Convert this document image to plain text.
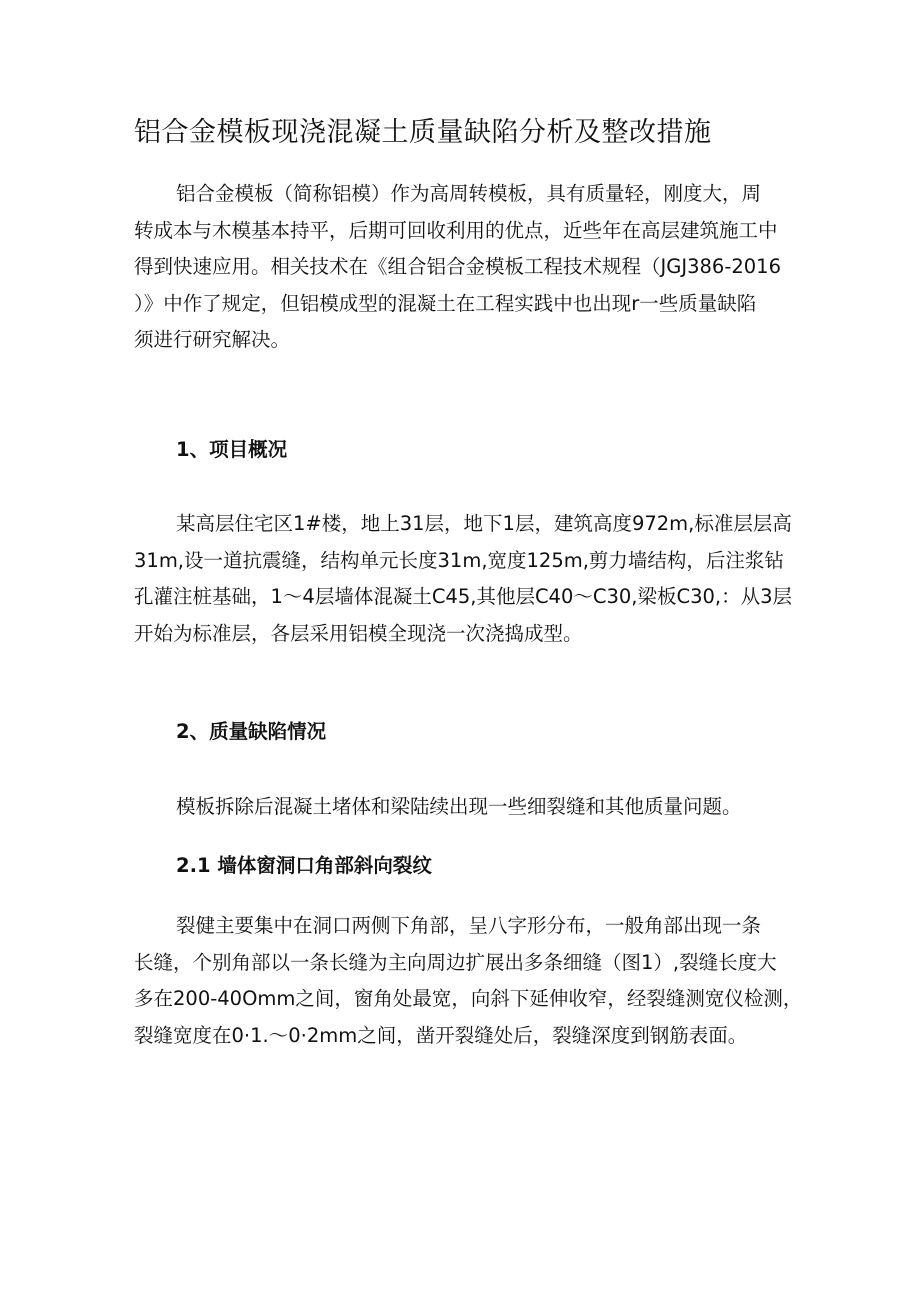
铝合金模板现浇混凝土质量缺陷分析及整改措施
铝合金模板（简称铝模）作为高周转模板，具有质量轻，刚度大，周
转成本与木模基本持平，后期可回收利用的优点，近些年在高层建筑施工中
得到快速应用。相关技术在《组合铝合金模板工程技术规程（JGJ386-2016
）》中作了规定，但铝模成型的混凝土在工程实践中也出现r一些质量缺陷
须进行研究解决。
1、项目概况
某高层住宅区1#楼，地上31层，地下1层，建筑高度972m,标准层层高
31m,设一道抗震缝，结构单元长度31m,宽度125m,剪力墙结构，后注浆钻
孔灌注桩基础，1～4层墙体混凝土C45,其他层C40～C30,梁板C30,：从3层
开始为标准层，各层采用铝模全现浇一次浇捣成型。
2、质量缺陷情况
模板拆除后混凝土堵体和梁陆续出现一些细裂缝和其他质量问题。
2.1 墙体窗洞口角部斜向裂纹
裂健主要集中在洞口两侧下角部，呈八字形分布，一般角部出现一条
长缝，个别角部以一条长缝为主向周边扩展出多条细缝（图1）,裂缝长度大
多在200-40Omm之间，窗角处最宽，向斜下延伸收窄，经裂缝测宽仪检测，
裂缝宽度在0·1.～0·2mm之间，凿开裂缝处后，裂缝深度到钢筋表面。
